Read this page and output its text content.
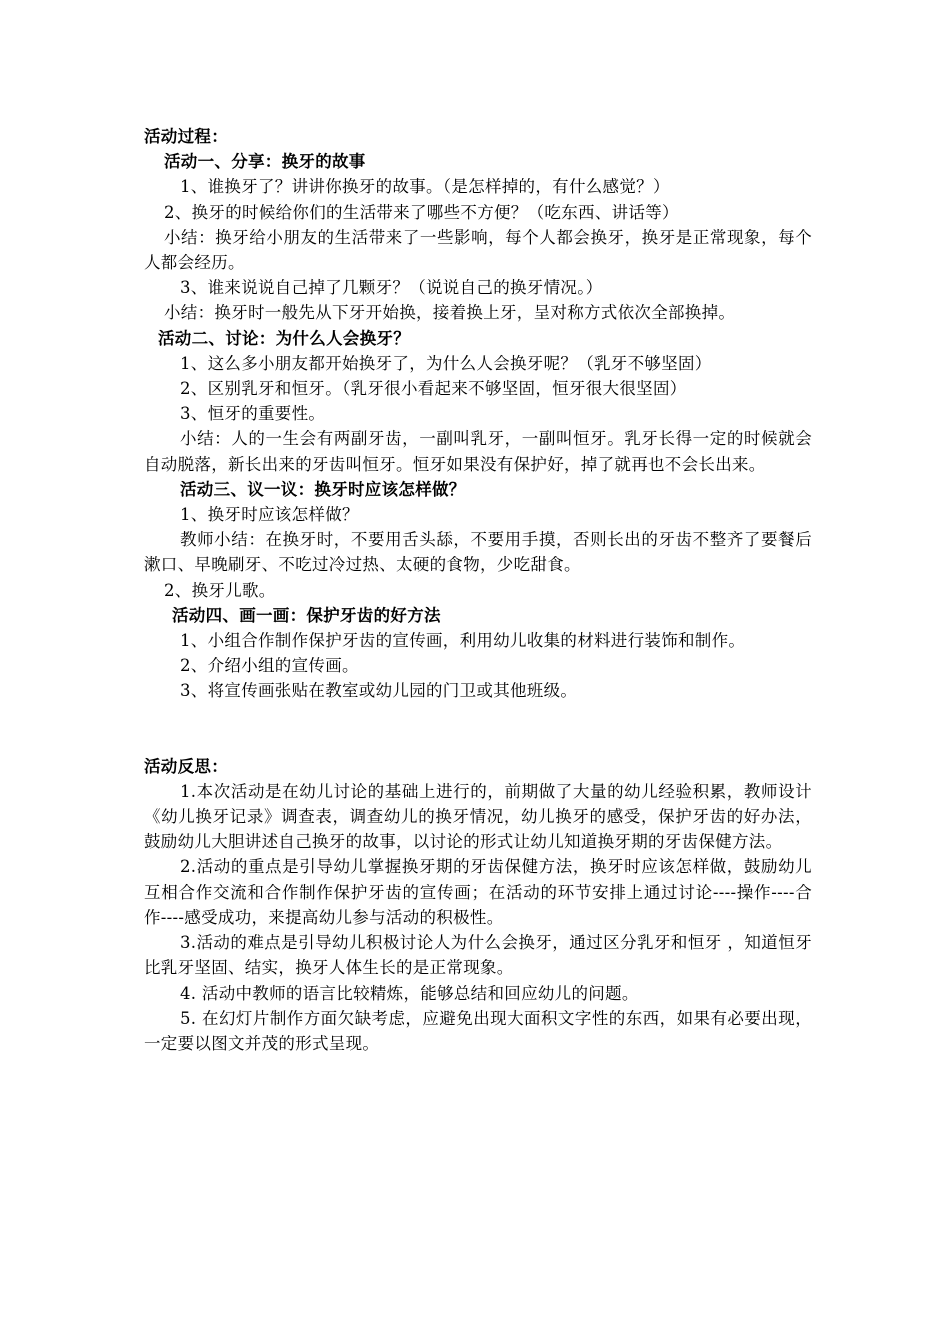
活动过程：
活动一、分享：换牙的故事
1、谁换牙了？讲讲你换牙的故事。（是怎样掉的，有什么感觉？）
2、换牙的时候给你们的生活带来了哪些不方便？（吃东西、讲话等）
小结：换牙给小朋友的生活带来了一些影响，每个人都会换牙，换牙是正常现象，每个人都会经历。
3、谁来说说自己掉了几颗牙？（说说自己的换牙情况。）
小结：换牙时一般先从下牙开始换，接着换上牙，呈对称方式依次全部换掉。
活动二、讨论：为什么人会换牙？
1、这么多小朋友都开始换牙了，为什么人会换牙呢？（乳牙不够坚固）
2、区别乳牙和恒牙。（乳牙很小看起来不够坚固，恒牙很大很坚固）
3、恒牙的重要性。
小结：人的一生会有两副牙齿，一副叫乳牙，一副叫恒牙。乳牙长得一定的时候就会自动脱落，新长出来的牙齿叫恒牙。恒牙如果没有保护好，掉了就再也不会长出来。
活动三、议一议：换牙时应该怎样做？
1、换牙时应该怎样做？
教师小结：在换牙时，不要用舌头舔，不要用手摸，否则长出的牙齿不整齐了要餐后漱口、早晚刷牙、不吃过冷过热、太硬的食物，少吃甜食。
2、换牙儿歌。
活动四、画一画：保护牙齿的好方法
1、小组合作制作保护牙齿的宣传画，利用幼儿收集的材料进行装饰和制作。
2、介绍小组的宣传画。
3、将宣传画张贴在教室或幼儿园的门卫或其他班级。
活动反思：
1.本次活动是在幼儿讨论的基础上进行的，前期做了大量的幼儿经验积累，教师设计《幼儿换牙记录》调查表，调查幼儿的换牙情况，幼儿换牙的感受，保护牙齿的好办法，鼓励幼儿大胆讲述自己换牙的故事，以讨论的形式让幼儿知道换牙期的牙齿保健方法。
2.活动的重点是引导幼儿掌握换牙期的牙齿保健方法，换牙时应该怎样做，鼓励幼儿互相合作交流和合作制作保护牙齿的宣传画；在活动的环节安排上通过讨论----操作----合作----感受成功，来提高幼儿参与活动的积极性。
3.活动的难点是引导幼儿积极讨论人为什么会换牙，通过区分乳牙和恒牙 ，知道恒牙比乳牙坚固、结实，换牙人体生长的是正常现象。
4. 活动中教师的语言比较精炼，能够总结和回应幼儿的问题。
5. 在幻灯片制作方面欠缺考虑，应避免出现大面积文字性的东西，如果有必要出现，一定要以图文并茂的形式呈现。
